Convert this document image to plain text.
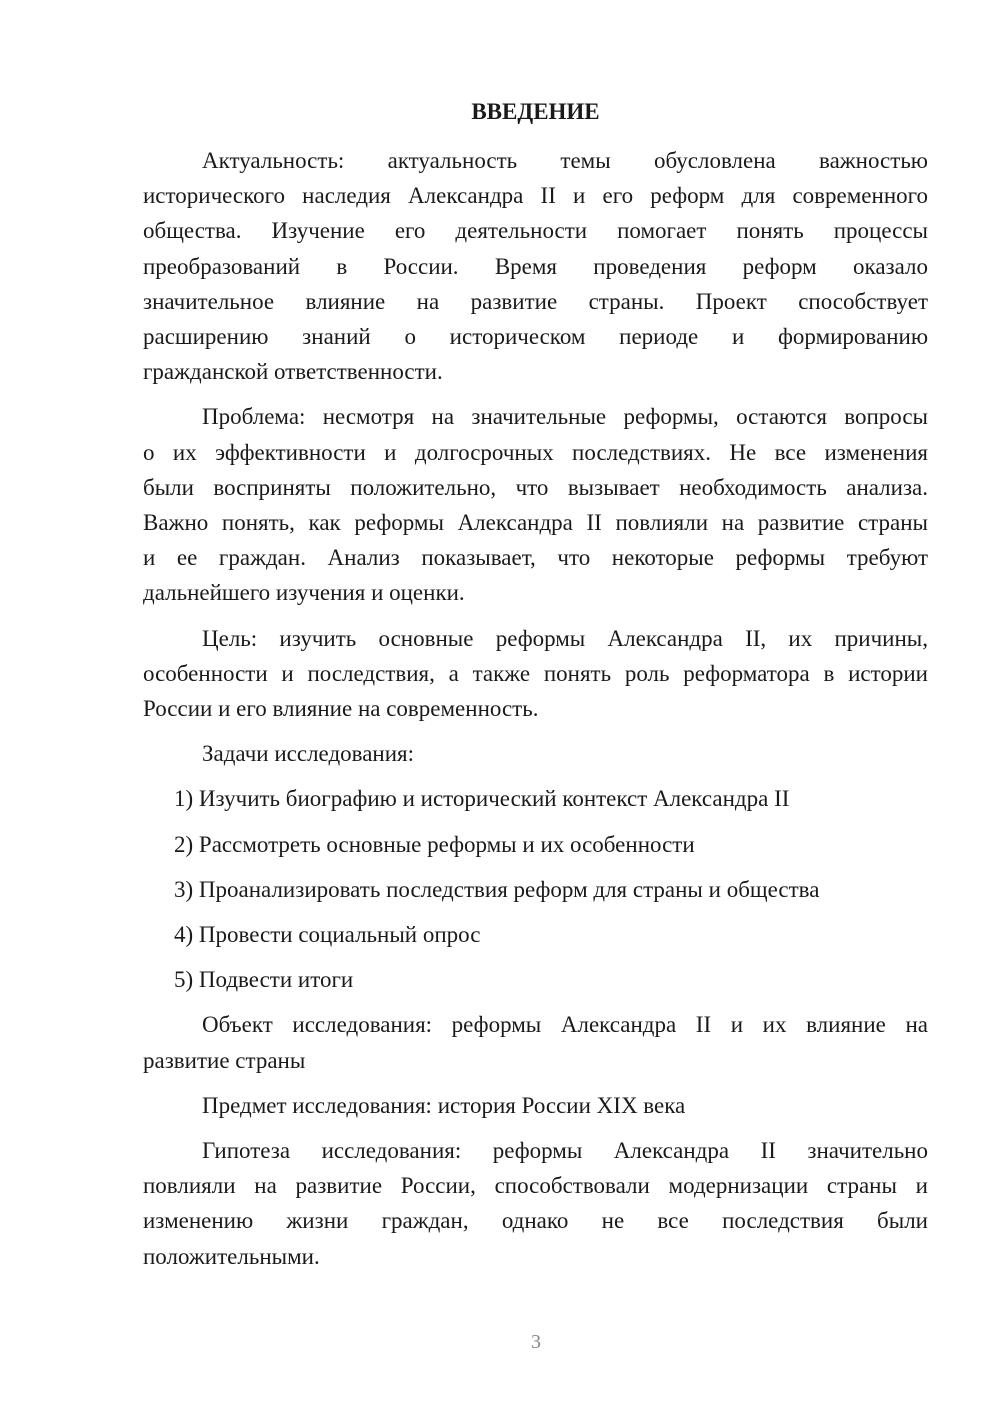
ВВЕДЕНИЕ
Актуальность: актуальность темы обусловлена важностью
исторического наследия Александра II и его реформ для современного
общества. Изучение его деятельности помогает понять процессы
преобразований в России. Время проведения реформ оказало
значительное влияние на развитие страны. Проект способствует
расширению знаний о историческом периоде и формированию
гражданской ответственности.
Проблема: несмотря на значительные реформы, остаются вопросы
о их эффективности и долгосрочных последствиях. Не все изменения
были восприняты положительно, что вызывает необходимость анализа.
Важно понять, как реформы Александра II повлияли на развитие страны
и ее граждан. Анализ показывает, что некоторые реформы требуют
дальнейшего изучения и оценки.
Цель: изучить основные реформы Александра II, их причины,
особенности и последствия, а также понять роль реформатора в истории
России и его влияние на современность.
Задачи исследования:
1) Изучить биографию и исторический контекст Александра II
2) Рассмотреть основные реформы и их особенности
3) Проанализировать последствия реформ для страны и общества
4) Провести социальный опрос
5) Подвести итоги
Объект исследования: реформы Александра II и их влияние на
развитие страны
Предмет исследования: история России XIX века
Гипотеза исследования: реформы Александра II значительно
повлияли на развитие России, способствовали модернизации страны и
изменению жизни граждан, однако не все последствия были
положительными.
3
